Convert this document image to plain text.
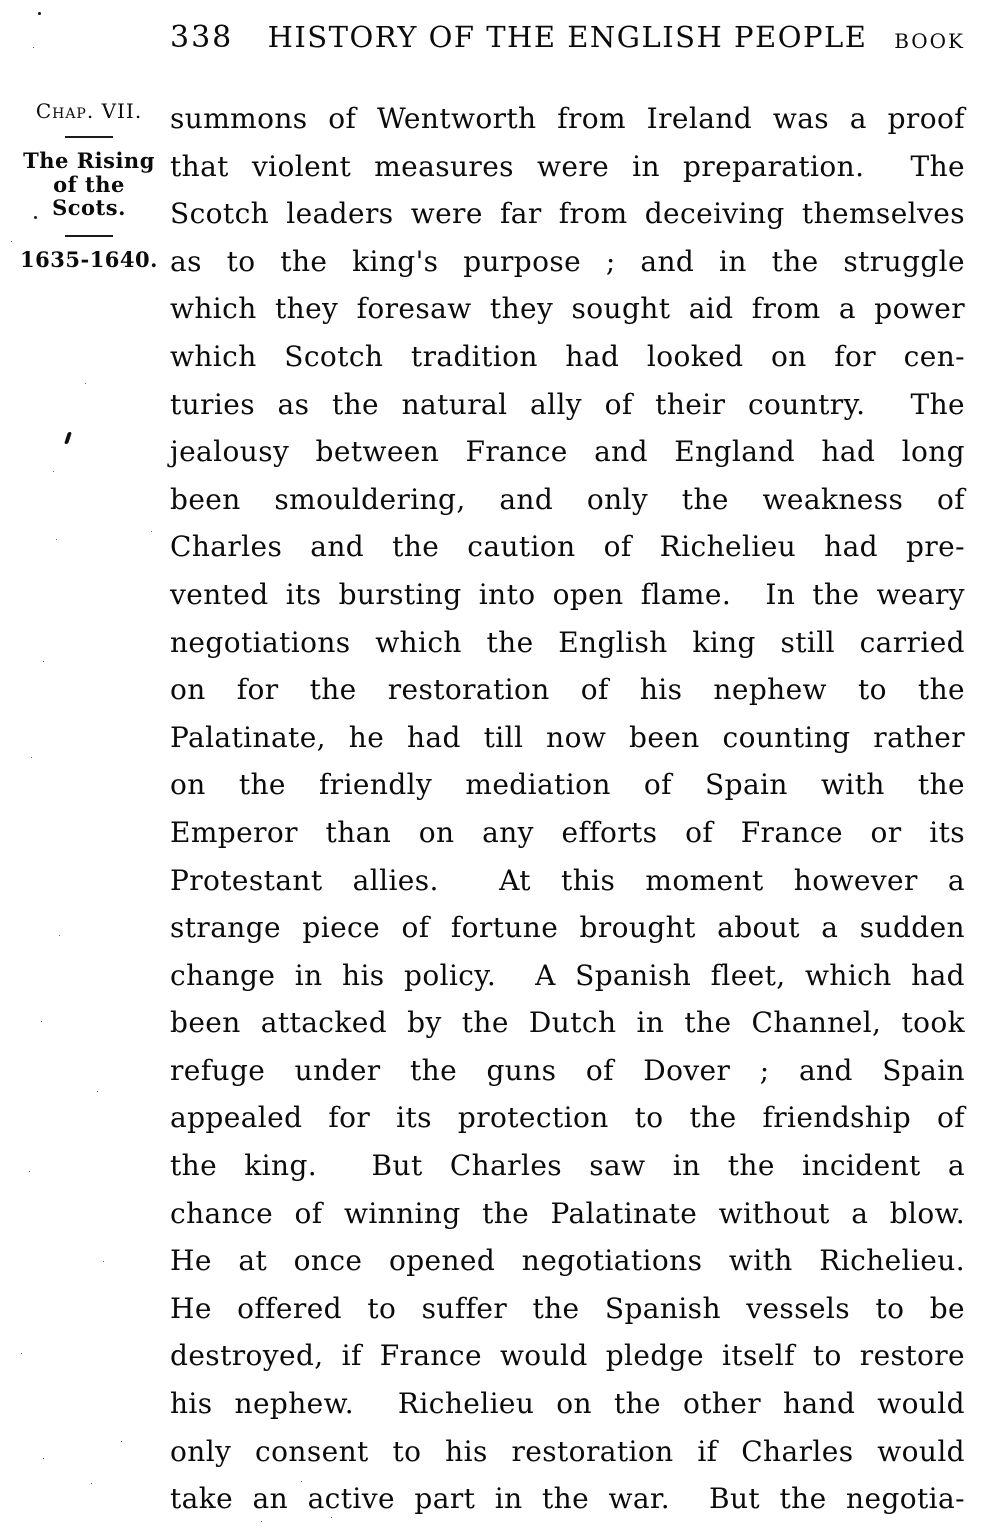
338 HISTORY OF THE ENGLISH PEOPLE BOOK
Chap. VII.
The Rising
of the
Scots.
1635-1640.
summons of Wentworth from Ireland was a proof
that violent measures were in preparation.  The
Scotch leaders were far from deceiving themselves
as to the king's purpose ; and in the struggle
which they foresaw they sought aid from a power
which Scotch tradition had looked on for cen-
turies as the natural ally of their country.  The
jealousy between France and England had long
been smouldering, and only the weakness of
Charles and the caution of Richelieu had pre-
vented its bursting into open flame.  In the weary
negotiations which the English king still carried
on for the restoration of his nephew to the
Palatinate, he had till now been counting rather
on the friendly mediation of Spain with the
Emperor than on any efforts of France or its
Protestant allies.  At this moment however a
strange piece of fortune brought about a sudden
change in his policy.  A Spanish fleet, which had
been attacked by the Dutch in the Channel, took
refuge under the guns of Dover ; and Spain
appealed for its protection to the friendship of
the king.  But Charles saw in the incident a
chance of winning the Palatinate without a blow.
He at once opened negotiations with Richelieu.
He offered to suffer the Spanish vessels to be
destroyed, if France would pledge itself to restore
his nephew.  Richelieu on the other hand would
only consent to his restoration if Charles would
take an active part in the war.  But the negotia-
